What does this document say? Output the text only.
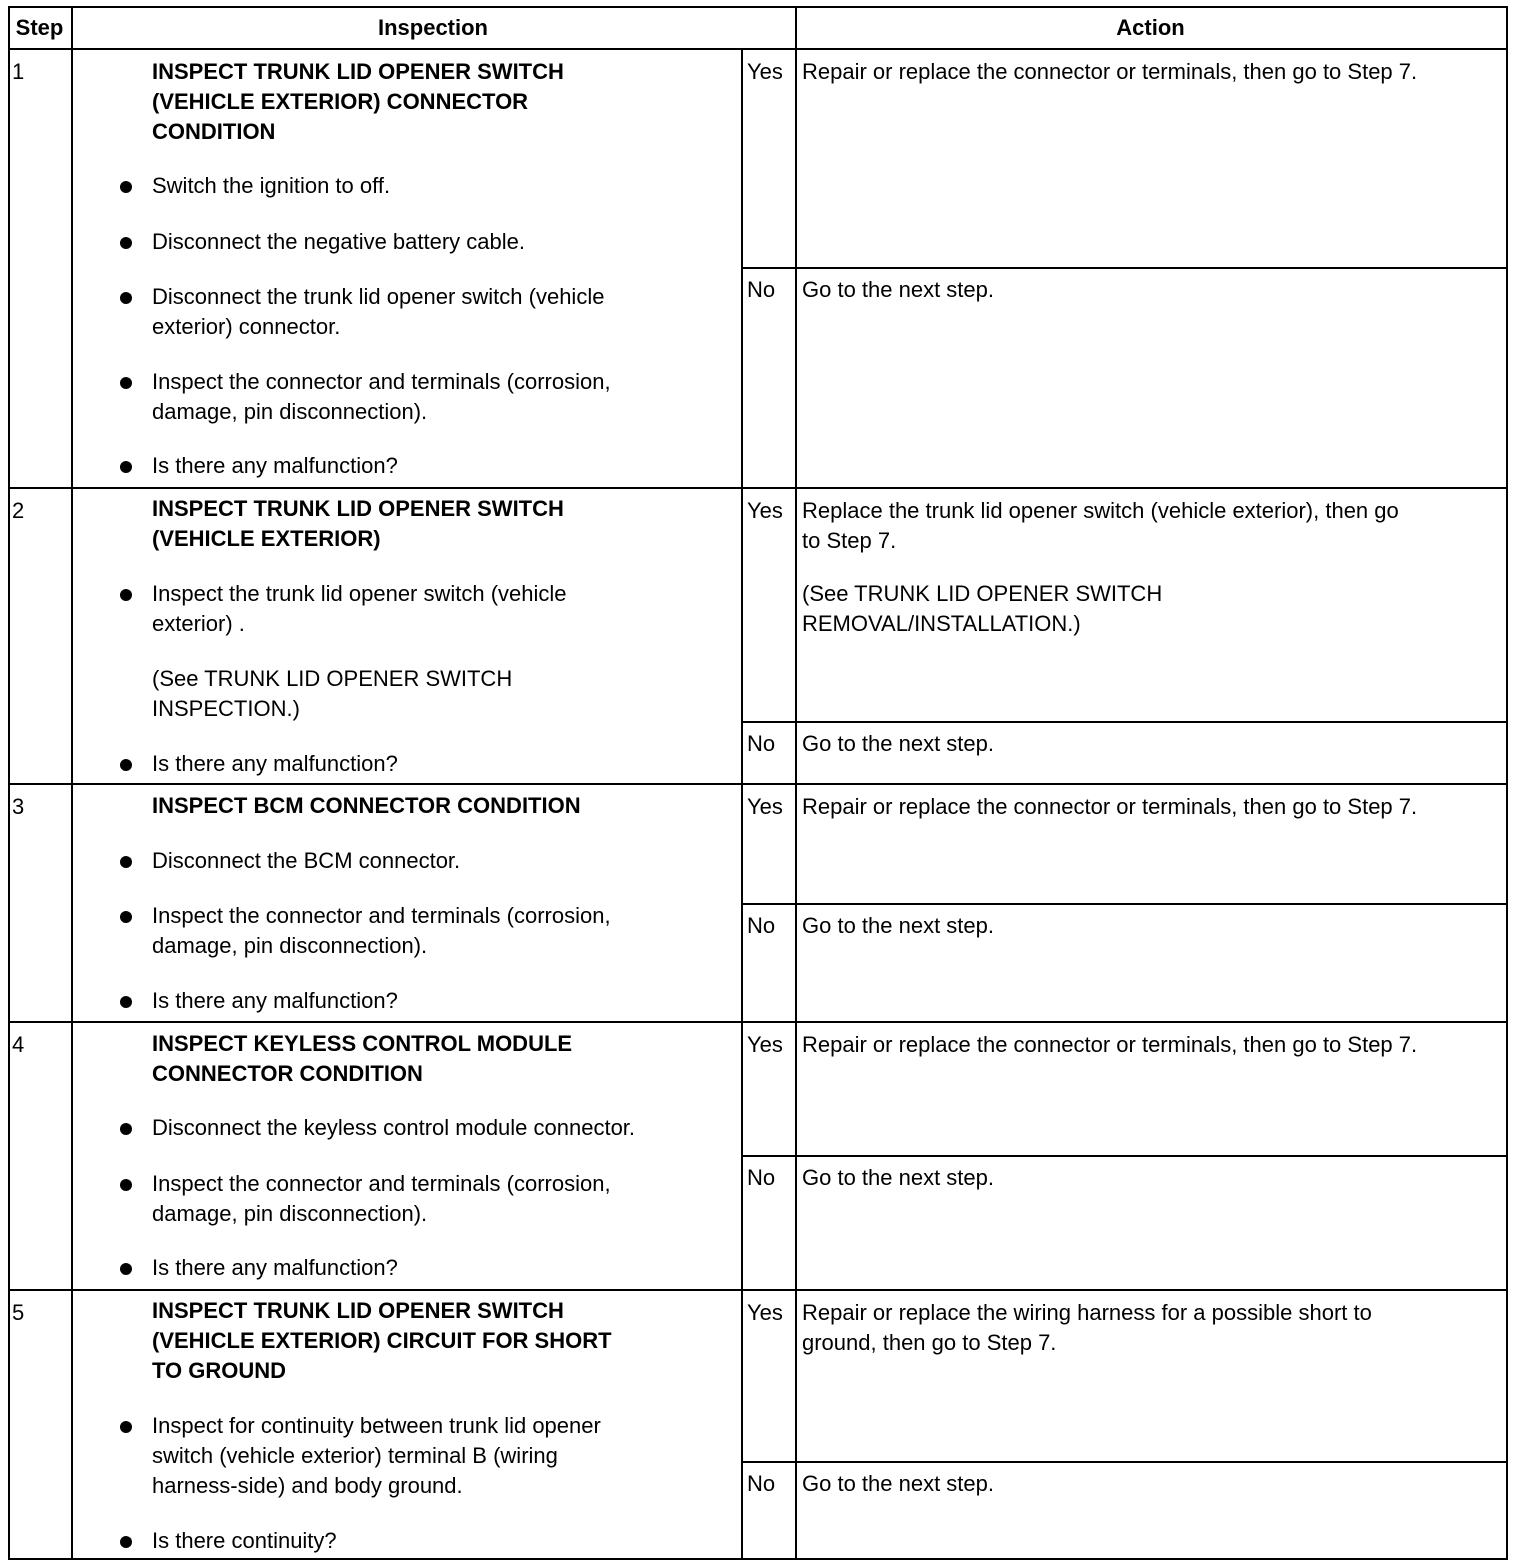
Step	Inspection	Action
1	INSPECT TRUNK LID OPENER SWITCH
(VEHICLE EXTERIOR) CONNECTOR
CONDITION
Switch the ignition to off.
Disconnect the negative battery cable.
Disconnect the trunk lid opener switch (vehicle
exterior) connector.
Inspect the connector and terminals (corrosion,
damage, pin disconnection).
Is there any malfunction?
Yes Repair or replace the connector or terminals, then go to Step 7.
No Go to the next step.
2	INSPECT TRUNK LID OPENER SWITCH
(VEHICLE EXTERIOR)
Inspect the trunk lid opener switch (vehicle
exterior) .
(See TRUNK LID OPENER SWITCH
INSPECTION.)
Is there any malfunction?
Yes Replace the trunk lid opener switch (vehicle exterior), then go
to Step 7.
(See TRUNK LID OPENER SWITCH
REMOVAL/INSTALLATION.)
No Go to the next step.
3	INSPECT BCM CONNECTOR CONDITION
Disconnect the BCM connector.
Inspect the connector and terminals (corrosion,
damage, pin disconnection).
Is there any malfunction?
Yes Repair or replace the connector or terminals, then go to Step 7.
No Go to the next step.
4	INSPECT KEYLESS CONTROL MODULE
CONNECTOR CONDITION
Disconnect the keyless control module connector.
Inspect the connector and terminals (corrosion,
damage, pin disconnection).
Is there any malfunction?
Yes Repair or replace the connector or terminals, then go to Step 7.
No Go to the next step.
5	INSPECT TRUNK LID OPENER SWITCH
(VEHICLE EXTERIOR) CIRCUIT FOR SHORT
TO GROUND
Inspect for continuity between trunk lid opener
switch (vehicle exterior) terminal B (wiring
harness-side) and body ground.
Is there continuity?
Yes Repair or replace the wiring harness for a possible short to
ground, then go to Step 7.
No Go to the next step.
